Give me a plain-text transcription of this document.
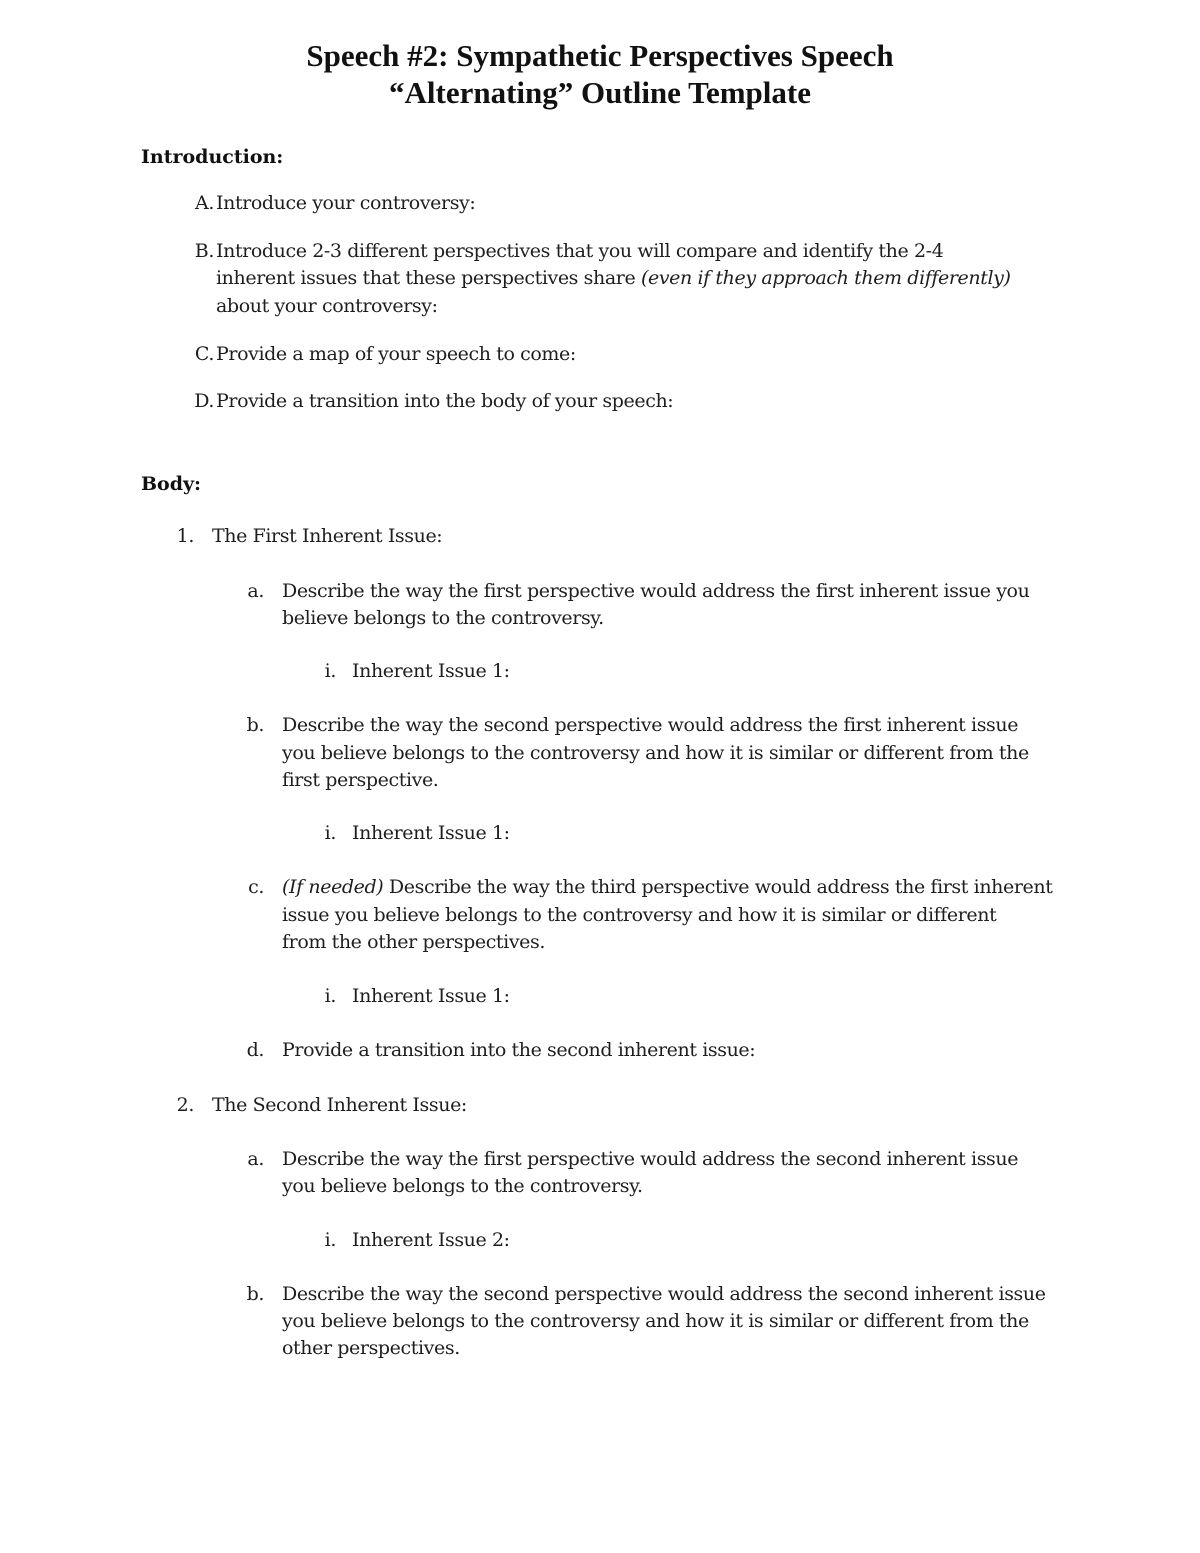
Speech #2: Sympathetic Perspectives Speech
“Alternating” Outline Template
Introduction:
A. Introduce your controversy:
B. Introduce 2-3 different perspectives that you will compare and identify the 2-4
inherent issues that these perspectives share (even if they approach them differently)
about your controversy:
C. Provide a map of your speech to come:
D. Provide a transition into the body of your speech:
Body:
1. The First Inherent Issue:
a. Describe the way the first perspective would address the first inherent issue you
believe belongs to the controversy.
i. Inherent Issue 1:
b. Describe the way the second perspective would address the first inherent issue
you believe belongs to the controversy and how it is similar or different from the
first perspective.
i. Inherent Issue 1:
c. (If needed) Describe the way the third perspective would address the first inherent
issue you believe belongs to the controversy and how it is similar or different
from the other perspectives.
i. Inherent Issue 1:
d. Provide a transition into the second inherent issue:
2. The Second Inherent Issue:
a. Describe the way the first perspective would address the second inherent issue
you believe belongs to the controversy.
i. Inherent Issue 2:
b. Describe the way the second perspective would address the second inherent issue
you believe belongs to the controversy and how it is similar or different from the
other perspectives.
